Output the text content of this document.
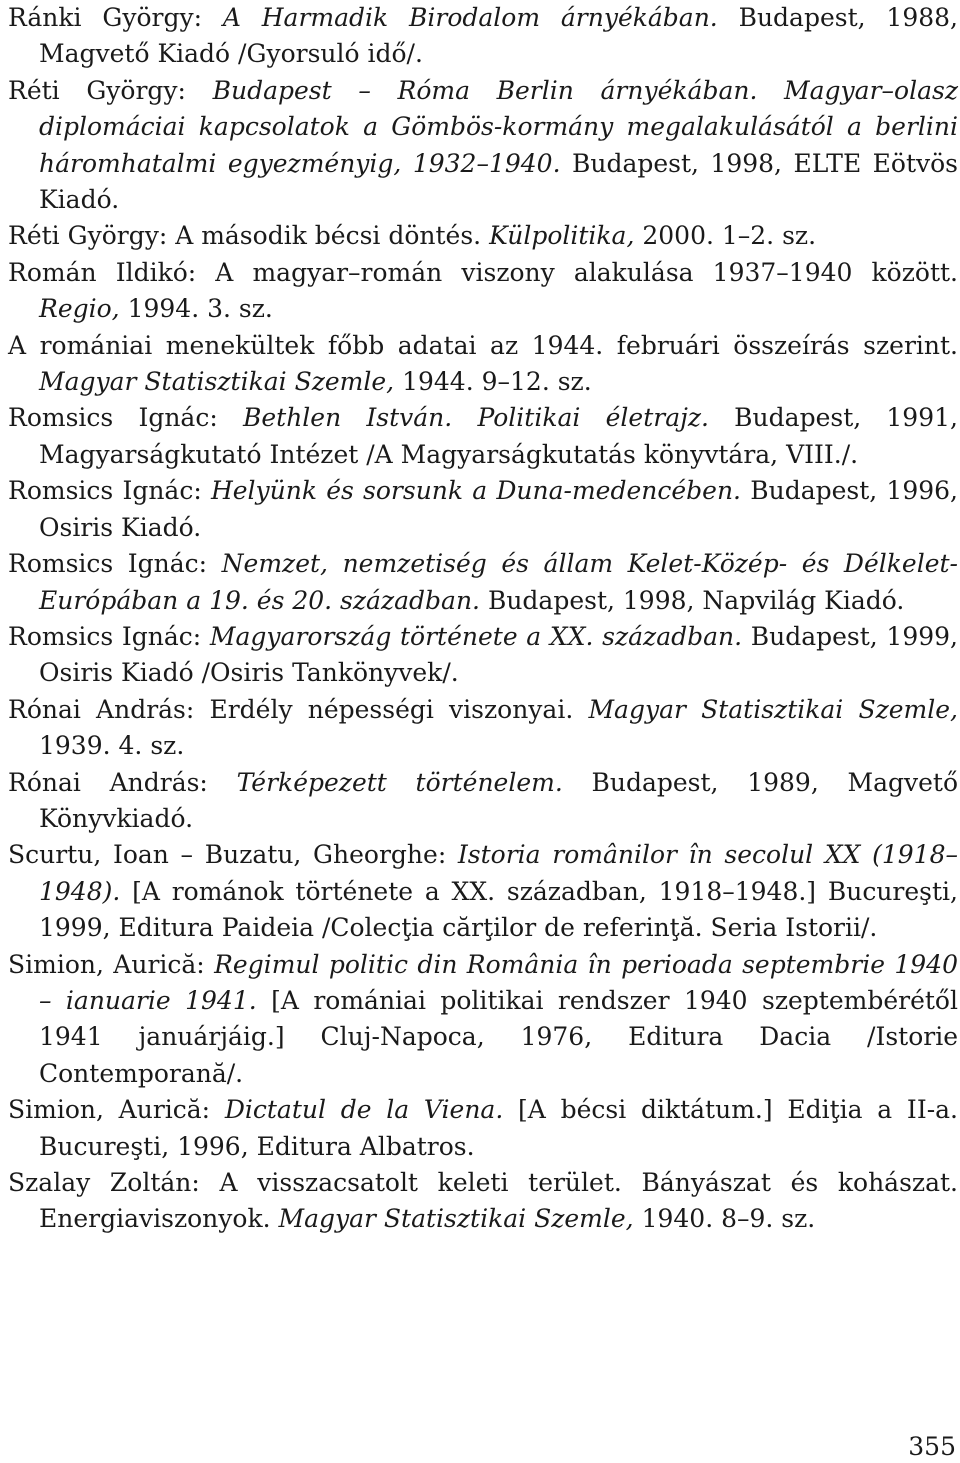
Ránki György: A Harmadik Birodalom árnyékában. Budapest, 1988, Magvető Kiadó /Gyorsuló idő/.
Réti György: Budapest – Róma Berlin árnyékában. Magyar–olasz diplomáciai kapcsolatok a Gömbös-kormány megalakulásától a berlini háromhatalmi egyezményig, 1932–1940. Budapest, 1998, ELTE Eötvös Kiadó.
Réti György: A második bécsi döntés. Külpolitika, 2000. 1–2. sz.
Román Ildikó: A magyar–román viszony alakulása 1937–1940 között. Regio, 1994. 3. sz.
A romániai menekültek főbb adatai az 1944. februári összeírás szerint. Magyar Statisztikai Szemle, 1944. 9–12. sz.
Romsics Ignác: Bethlen István. Politikai életrajz. Budapest, 1991, Magyarságkutató Intézet /A Magyarságkutatás könyvtára, VIII./.
Romsics Ignác: Helyünk és sorsunk a Duna-medencében. Budapest, 1996, Osiris Kiadó.
Romsics Ignác: Nemzet, nemzetiség és állam Kelet-Közép- és Délkelet-Európában a 19. és 20. században. Budapest, 1998, Napvilág Kiadó.
Romsics Ignác: Magyarország története a XX. században. Budapest, 1999, Osiris Kiadó /Osiris Tankönyvek/.
Rónai András: Erdély népességi viszonyai. Magyar Statisztikai Szemle, 1939. 4. sz.
Rónai András: Térképezett történelem. Budapest, 1989, Magvető Könyvkiadó.
Scurtu, Ioan – Buzatu, Gheorghe: Istoria românilor în secolul XX (1918–1948). [A románok története a XX. században, 1918–1948.] Bucureşti, 1999, Editura Paideia /Colecţia cărţilor de referinţă. Seria Istorii/.
Simion, Aurică: Regimul politic din România în perioada septembrie 1940 – ianuarie 1941. [A romániai politikai rendszer 1940 szeptembérétől 1941 januárjáig.] Cluj-Napoca, 1976, Editura Dacia /Istorie Contemporană/.
Simion, Aurică: Dictatul de la Viena. [A bécsi diktátum.] Ediţia a II-a. Bucureşti, 1996, Editura Albatros.
Szalay Zoltán: A visszacsatolt keleti terület. Bányászat és kohászat. Energiaviszonyok. Magyar Statisztikai Szemle, 1940. 8–9. sz.
355
